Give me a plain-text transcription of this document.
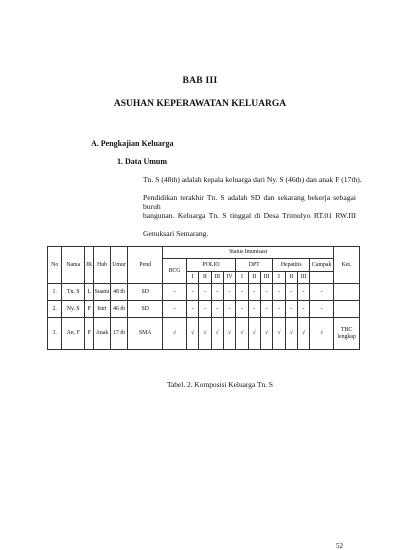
BAB III
ASUHAN KEPERAWATAN KELUARGA
A. Pengkajian Keluarga
1. Data Umum
Tn. S (48th) adalah kepala keluarga dari Ny. S (46th) dan anak F (17th).
Pendidikan terakhir Tn. S adalah SD dan sekarang bekerja sebagai buruh
bangunan. Keluarga Tn. S tinggal di Desa Trimulyo RT.01 RW.III
Genuksari Semarang.
No	Nama	JK	Hub	Umur	Pend	Status Imunisasi												Ket.
						BCG	POLIO				DPT			Hepatitis			Campak	
							I	II	III	IV	I	II	III	I	II	III		
1.	Tn. S	L	Suami	48 th	SD	-	-	-	-	-	-	-	-	-	-	-	-	
2.	Ny. S	P	Istri	46 th	SD	-	-	-	-	-	-	-	-	-	-	-	-	
3.	An. F	P	Anak	17 th	SMA	√	√	√	√	√	√	√	√	√	√	√	√	TBC lengkap
Tabel. 2. Komposisi Keluarga Tn. S
52
